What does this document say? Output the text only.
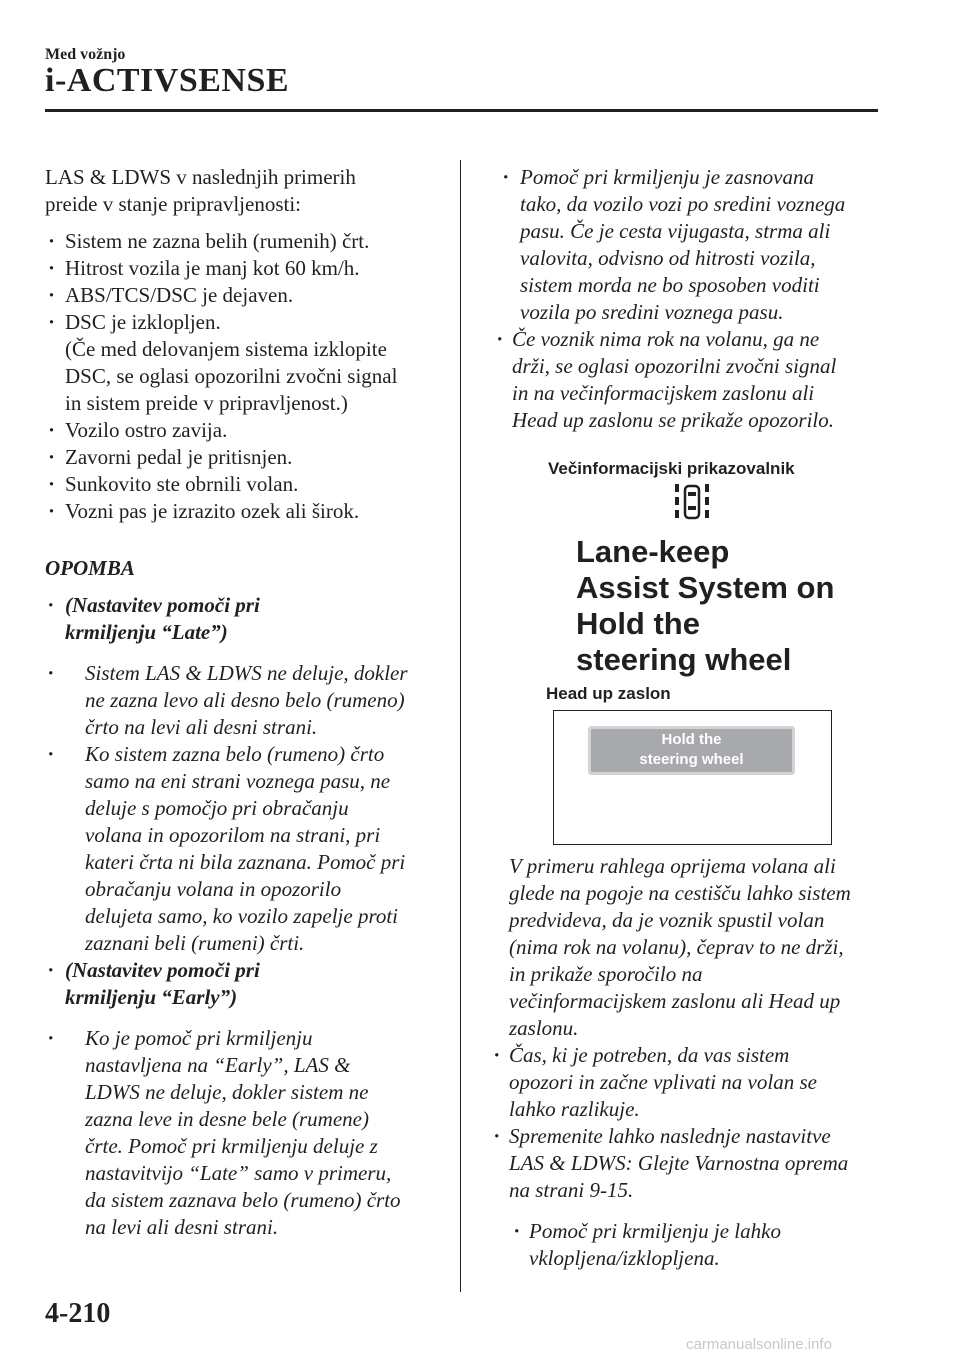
Med vožnjo
i-ACTIVSENSE

LAS & LDWS v naslednjih primerih
preide v stanje pripravljenosti:

· Sistem ne zazna belih (rumenih) črt.

· Hitrost vozila je manj kot 60 km/h.

· ABS/TCS/DSC je dejaven.

· DSC je izklopljen.
(Če med delovanjem sistema izklopite
DSC, se oglasi opozorilni zvočni signal
in sistem preide v pripravljenost.)

· Vozilo ostro zavija.

· Zavorni pedal je pritisnjen.

· Sunkovito ste obrnili volan.

· Vozni pas je izrazito ozek ali širok.

OPOMBA

· (Nastavitev pomoči pri
krmiljenju “Late”)

· Sistem LAS & LDWS ne deluje, dokler
ne zazna levo ali desno belo (rumeno)
črto na levi ali desni strani.

· Ko sistem zazna belo (rumeno) črto
samo na eni strani voznega pasu, ne
deluje s pomočjo pri obračanju
volana in opozorilom na strani, pri
kateri črta ni bila zaznana. Pomoč pri
obračanju volana in opozorilo
delujeta samo, ko vozilo zapelje proti
zaznani beli (rumeni) črti.

· (Nastavitev pomoči pri
krmiljenju “Early”)

· Ko je pomoč pri krmiljenju
nastavljena na “Early”, LAS &
LDWS ne deluje, dokler sistem ne
zazna leve in desne bele (rumene)
črte. Pomoč pri krmiljenju deluje z
nastavitvijo “Late” samo v primeru,
da sistem zaznava belo (rumeno) črto
na levi ali desni strani.

· Pomoč pri krmiljenju je zasnovana
tako, da vozilo vozi po sredini voznega
pasu. Če je cesta vijugasta, strma ali
valovita, odvisno od hitrosti vozila,
sistem morda ne bo sposoben voditi
vozila po sredini voznega pasu.

· Če voznik nima rok na volanu, ga ne
drži, se oglasi opozorilni zvočni signal
in na večinformacijskem zaslonu ali
Head up zaslonu se prikaže opozorilo.

Večinformacijski prikazovalnik
Lane-keep
Assist System on
Hold the
steering wheel
Head up zaslon
Hold the
steering wheel

V primeru rahlega oprijema volana ali
glede na pogoje na cestišču lahko sistem
predvideva, da je voznik spustil volan
(nima rok na volanu), čeprav to ne drži,
in prikaže sporočilo na
večinformacijskem zaslonu ali Head up
zaslonu.

· Čas, ki je potreben, da vas sistem
opozori in začne vplivati na volan se
lahko razlikuje.

· Spremenite lahko naslednje nastavitve
LAS & LDWS: Glejte Varnostna oprema
na strani 9-15.

· Pomoč pri krmiljenju je lahko
vklopljena/izklopljena.

4-210
carmanualsonline.info
